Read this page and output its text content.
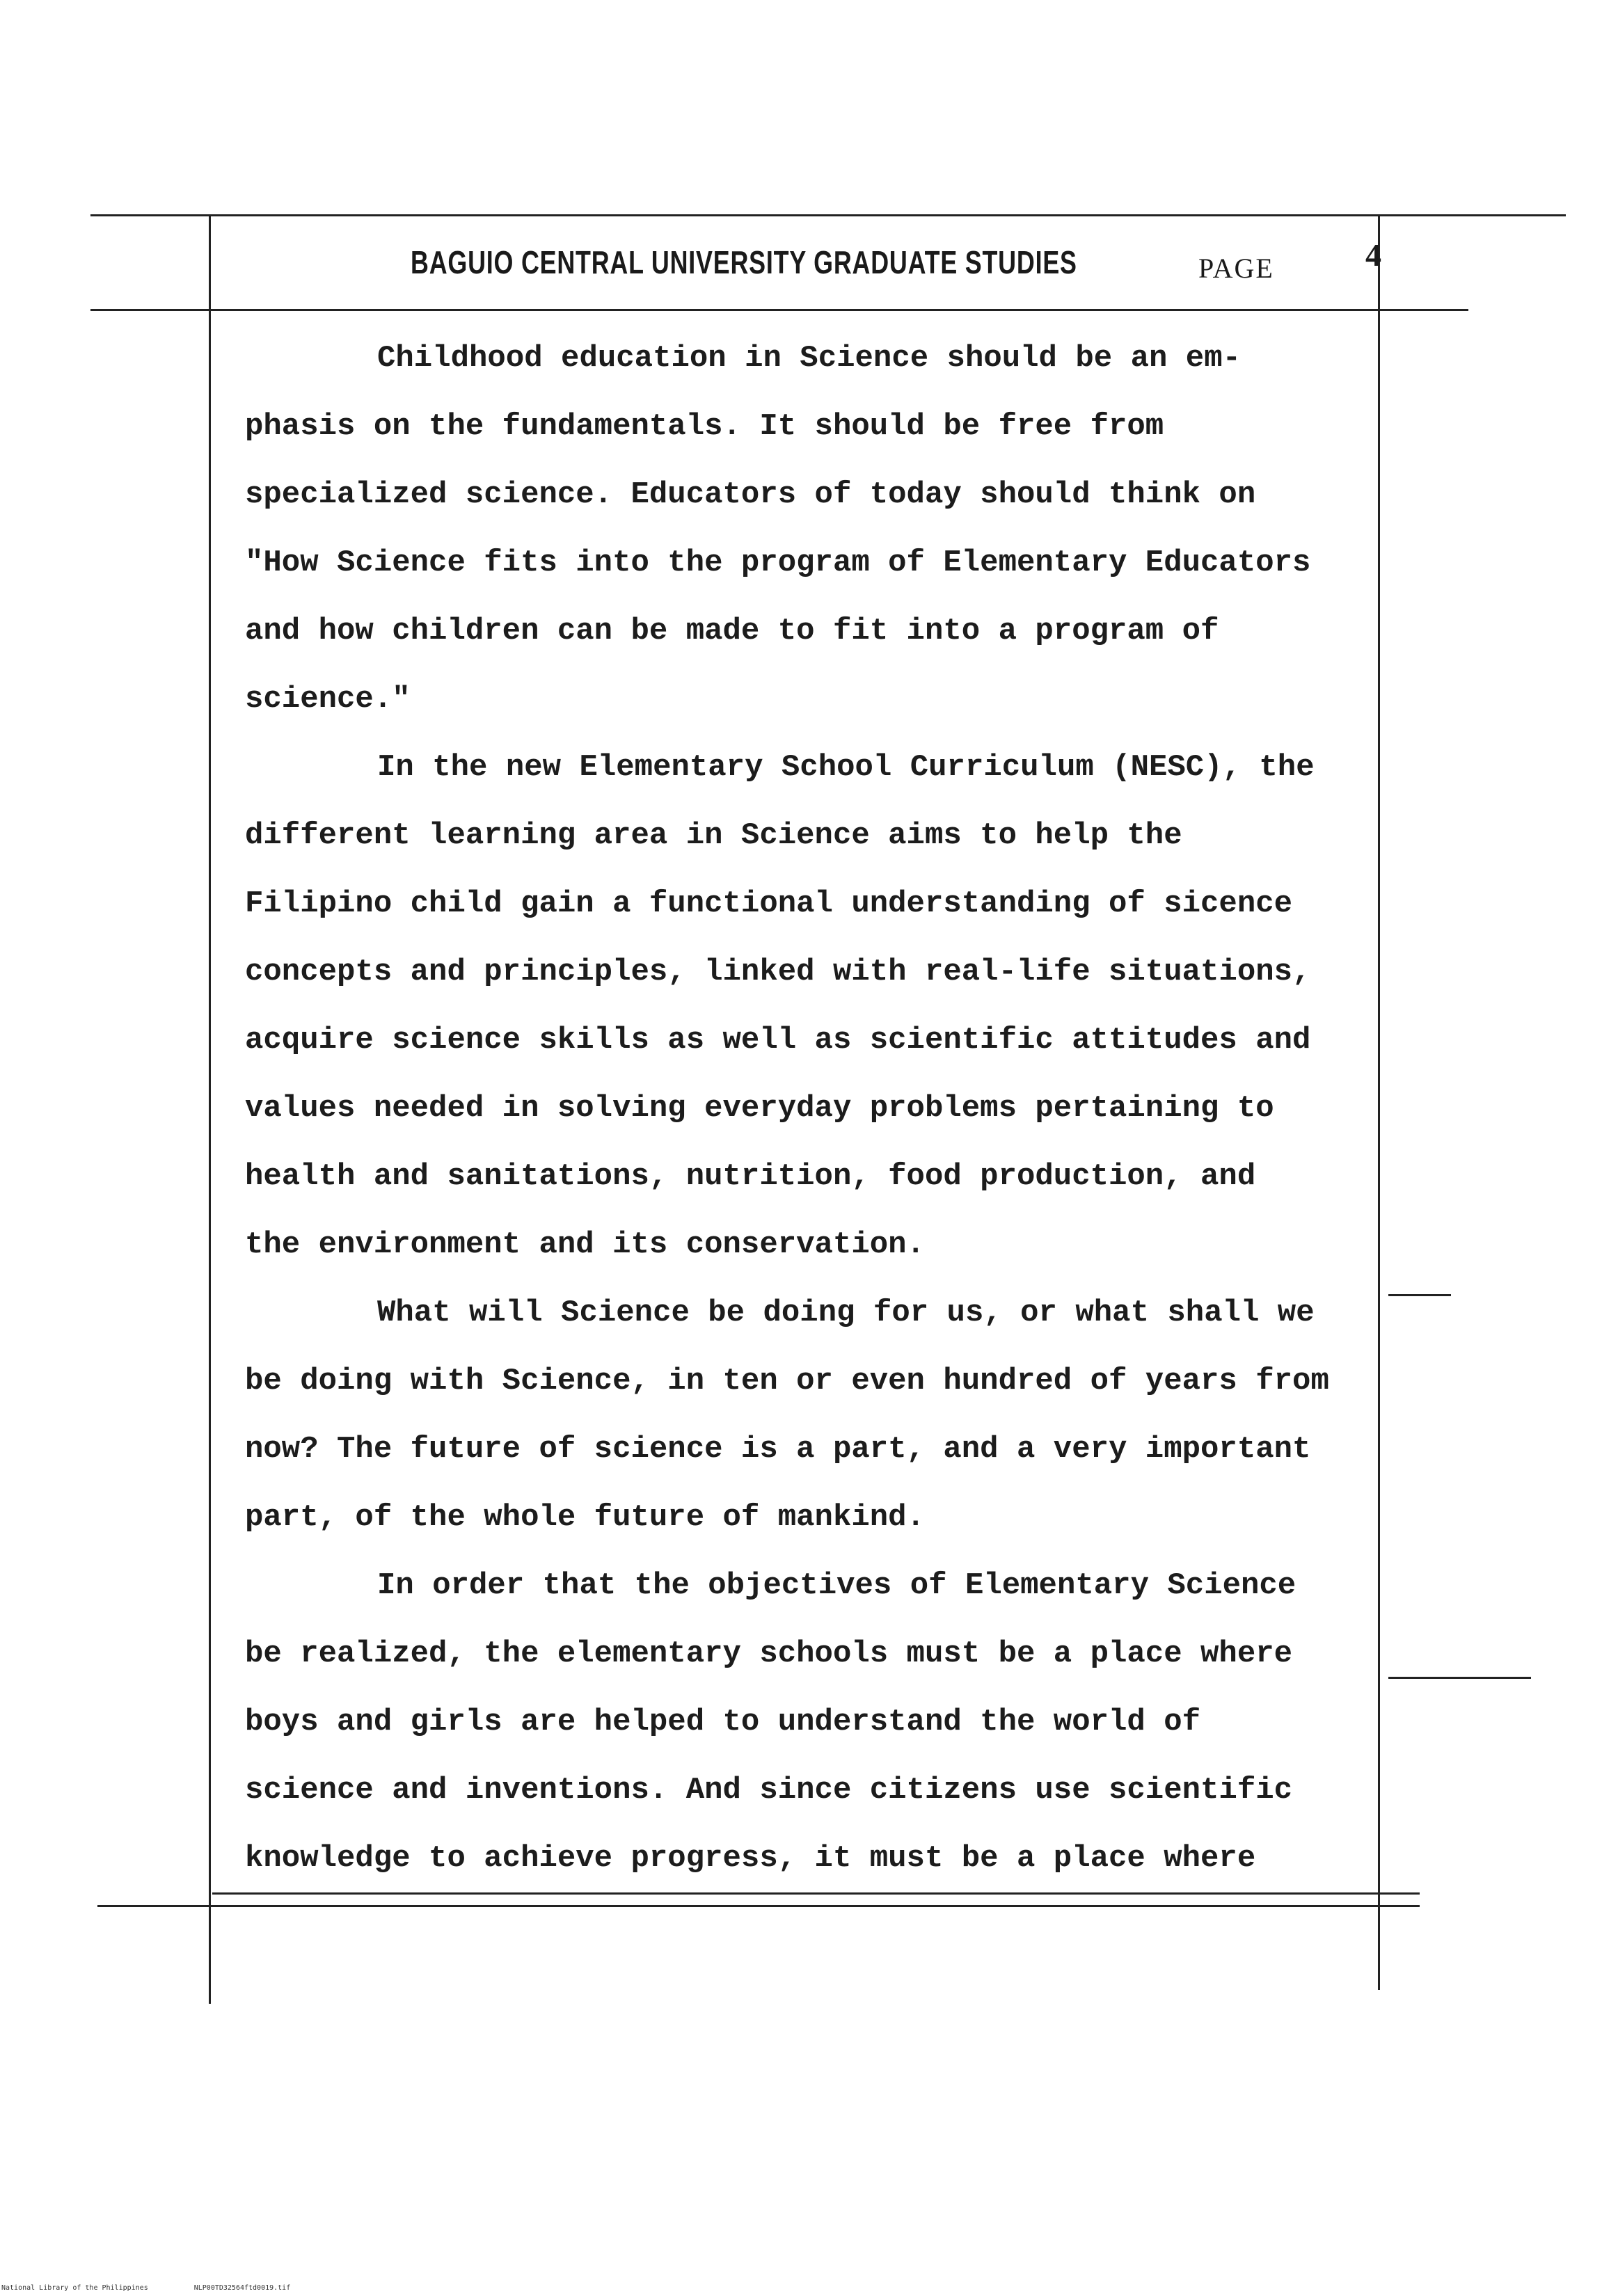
BAGUIO CENTRAL UNIVERSITY GRADUATE STUDIES	PAGE	4
Childhood education in Science should be an em-
phasis on the fundamentals. It should be free from
specialized science. Educators of today should think on
"How Science fits into the program of Elementary Educators
and how children can be made to fit into a program of
science."
In the new Elementary School Curriculum (NESC), the
different learning area in Science aims to help the
Filipino child gain a functional understanding of sicence
concepts and principles, linked with real-life situations,
acquire science skills as well as scientific attitudes and
values needed in solving everyday problems pertaining to
health and sanitations, nutrition, food production, and
the environment and its conservation.
What will Science be doing for us, or what shall we
be doing with Science, in ten or even hundred of years from
now? The future of science is a part, and a very important
part, of the whole future of mankind.
In order that the objectives of Elementary Science
be realized, the elementary schools must be a place where
boys and girls are helped to understand the world of
science and inventions. And since citizens use scientific
knowledge to achieve progress, it must be a place where
National Library of the Philippines	NLP00TD32564ftd0019.tif
